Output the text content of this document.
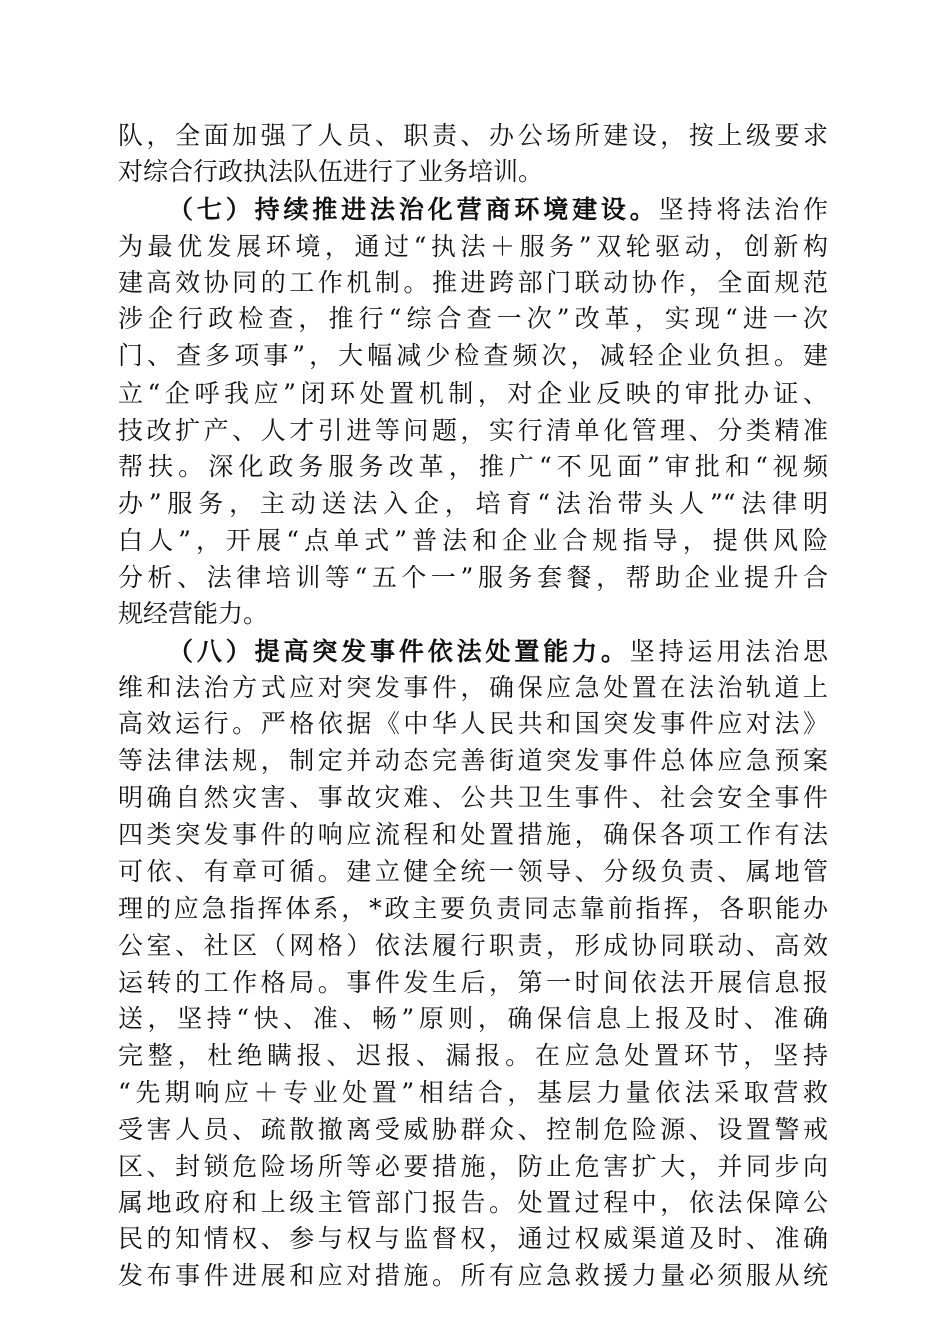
队，全面加强了人员、职责、办公场所建设，按上级要求
对综合行政执法队伍进行了业务培训。
（七）持续推进法治化营商环境建设。坚持将法治作
为最优发展环境，通过“执法＋服务”双轮驱动，创新构
建高效协同的工作机制。推进跨部门联动协作，全面规范
涉企行政检查，推行“综合查一次”改革，实现“进一次
门、查多项事”，大幅减少检查频次，减轻企业负担。建
立“企呼我应”闭环处置机制，对企业反映的审批办证、
技改扩产、人才引进等问题，实行清单化管理、分类精准
帮扶。深化政务服务改革，推广“不见面”审批和“视频
办”服务，主动送法入企，培育“法治带头人”“法律明
白人”，开展“点单式”普法和企业合规指导，提供风险
分析、法律培训等“五个一”服务套餐，帮助企业提升合
规经营能力。
（八）提高突发事件依法处置能力。坚持运用法治思
维和法治方式应对突发事件，确保应急处置在法治轨道上
高效运行。严格依据《中华人民共和国突发事件应对法》
等法律法规，制定并动态完善街道突发事件总体应急预案
明确自然灾害、事故灾难、公共卫生事件、社会安全事件
四类突发事件的响应流程和处置措施，确保各项工作有法
可依、有章可循。建立健全统一领导、分级负责、属地管
理的应急指挥体系，*政主要负责同志靠前指挥，各职能办
公室、社区（网格）依法履行职责，形成协同联动、高效
运转的工作格局。事件发生后，第一时间依法开展信息报
送，坚持“快、准、畅”原则，确保信息上报及时、准确
完整，杜绝瞒报、迟报、漏报。在应急处置环节，坚持
“先期响应＋专业处置”相结合，基层力量依法采取营救
受害人员、疏散撤离受威胁群众、控制危险源、设置警戒
区、封锁危险场所等必要措施，防止危害扩大，并同步向
属地政府和上级主管部门报告。处置过程中，依法保障公
民的知情权、参与权与监督权，通过权威渠道及时、准确
发布事件进展和应对措施。所有应急救援力量必须服从统
